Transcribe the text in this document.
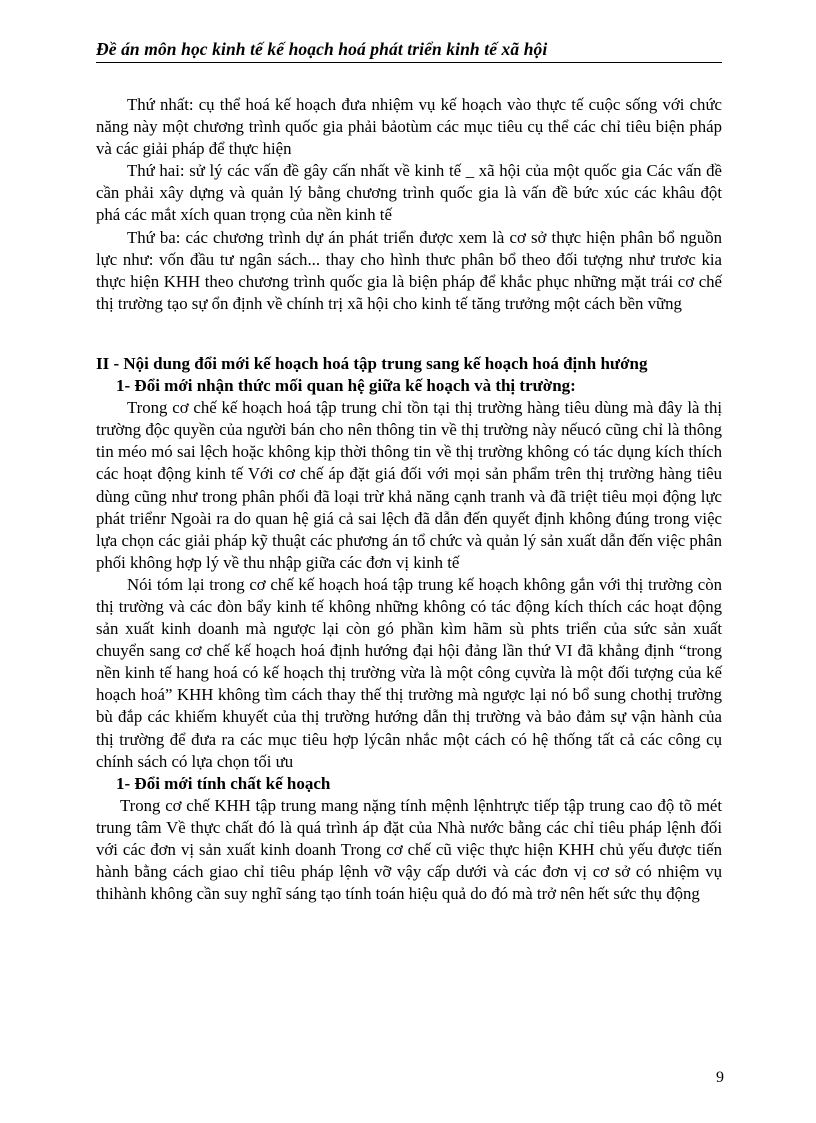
Đề án môn học kinh tế kế hoạch hoá phát triển kinh tế xã hội

Thứ nhất: cụ thể hoá kế hoạch đưa nhiệm vụ kế hoạch vào thực tế cuộc sống với chức năng này một chương trình quốc gia phải bảotùm các mục tiêu cụ thể các chỉ tiêu biện pháp và các giải pháp để thực hiện

Thứ hai: sử lý các vấn đề gây cấn nhất về kinh tế _ xã hội của một quốc gia Các vấn đề cần phải xây dựng và quản lý bằng chương trình quốc gia là vấn đề bức xúc các khâu đột phá các mắt xích quan trọng của nền kinh tế

Thứ ba: các chương trình dự án phát triển được xem là cơ sở thực hiện phân bổ nguồn lực như: vốn đầu tư ngân sách... thay cho hình thưc phân bổ theo đối tượng như trươc kia thực hiện KHH theo chương trình quốc gia là biện pháp để khắc phục những mặt trái cơ chế thị trường tạo sự ổn định về chính trị xã hội cho kinh tế tăng trưởng một cách bền vững

II - Nội dung đổi mới kế hoạch hoá tập trung sang kế hoạch hoá định hướng

1- Đổi mới nhận thức mối quan hệ giữa kế hoạch và thị trường:

Trong cơ chế kế hoạch hoá tập trung chỉ tồn tại thị trường hàng tiêu dùng mà đây là thị trường độc quyền của người bán cho nên thông tin về thị trường này nếucó cũng chỉ là thông tin méo mó sai lệch hoặc không kịp thời thông tin về thị trường không có tác dụng kích thích các hoạt động kinh tế Với cơ chế áp đặt giá đối với mọi sản phẩm trên thị trường hàng tiêu dùng cũng như trong phân phối đã loại trừ khả năng cạnh tranh và đã triệt tiêu mọi động lực phát triểnr Ngoài ra do quan hệ giá cả sai lệch đã dẫn đến quyết định không đúng trong việc lựa chọn các giải pháp kỹ thuật các phương án tổ chức và quản lý sản xuất dẫn đến việc phân phối không hợp lý về thu nhập giữa các đơn vị kinh tế

Nói tóm lại trong cơ chế kế hoạch hoá tập trung kế hoạch không gắn với thị trường còn thị trường và các đòn bẩy kinh tế không những không có tác động kích thích các hoạt động sản xuất kinh doanh mà ngược lại còn gó phần kìm hãm sù phts triển của sức sản xuất chuyển sang cơ chế kế hoạch hoá định hướng đại hội đảng lần thứ VI đã khẳng định “trong nền kinh tế hang hoá có kế hoạch thị trường vừa là một công cụvừa là một đối tượng của kế hoạch hoá” KHH không tìm cách thay thế thị trường mà ngược lại nó bổ sung chothị trường bù đắp các khiếm khuyết của thị trường hướng dẫn thị trường và bảo đảm sự vận hành của thị trường để đưa ra các mục tiêu hợp lýcân nhắc một cách có hệ thống tất cả các công cụ chính sách có lựa chọn tối ưu

1- Đổi mới tính chất kế hoạch

Trong cơ chế KHH tập trung mang nặng tính mệnh lệnhtrực tiếp tập trung cao độ tõ mét trung tâm Về thực chất đó là quá trình áp đặt của Nhà nước bằng các chỉ tiêu pháp lệnh đối với các đơn vị sản xuất kinh doanh Trong cơ chế cũ việc thực hiện KHH chủ yếu được tiến hành bằng cách giao chỉ tiêu pháp lệnh vỡ vậy cấp dưới và các đơn vị cơ sở có nhiệm vụ thihành không cần suy nghĩ sáng tạo tính toán hiệu quả do đó mà trở nên hết sức thụ động

9
